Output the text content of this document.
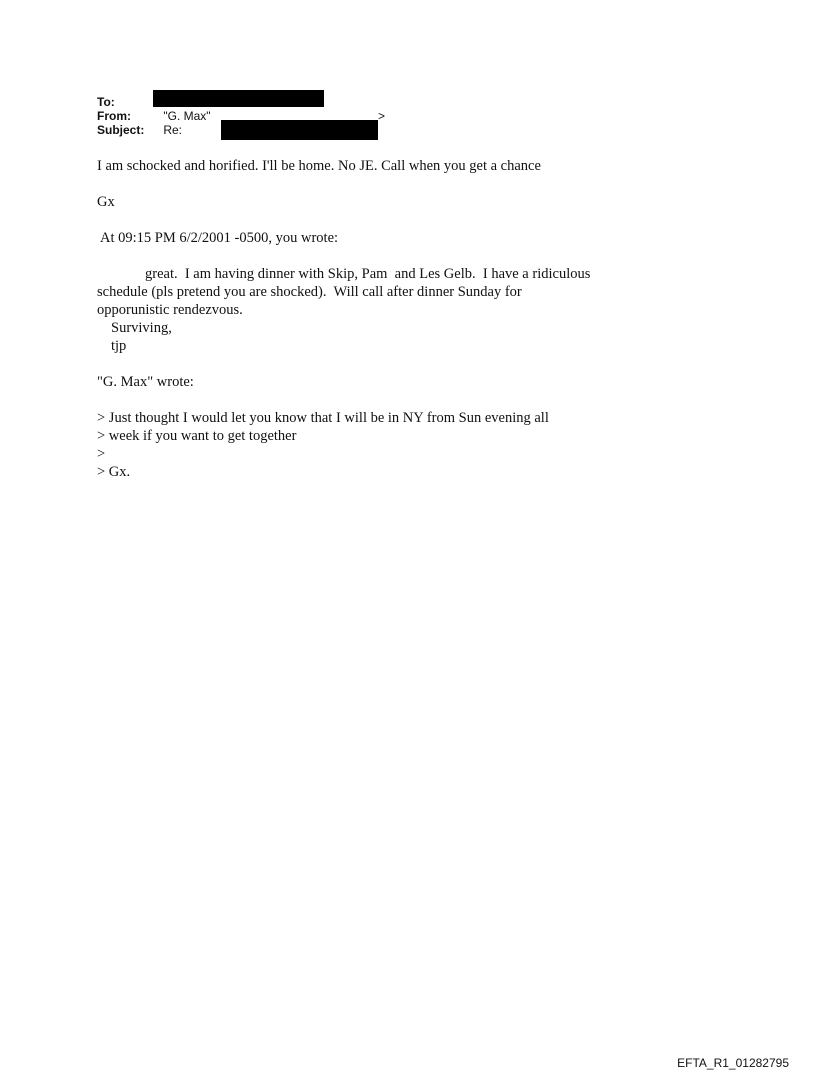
To:
From:	"G. Max"	>
Subject: Re:
I am schocked and horified. I'll be home. No JE. Call when you get a chance
Gx
At 09:15 PM 6/2/2001 -0500, you wrote:
great.  I am having dinner with Skip, Pam  and Les Gelb.  I have a ridiculous
schedule (pls pretend you are shocked).  Will call after dinner Sunday for
opporunistic rendezvous.
Surviving,
tjp
"G. Max" wrote:
> Just thought I would let you know that I will be in NY from Sun evening all
> week if you want to get together
>
> Gx.
EFTA_R1_01282795
